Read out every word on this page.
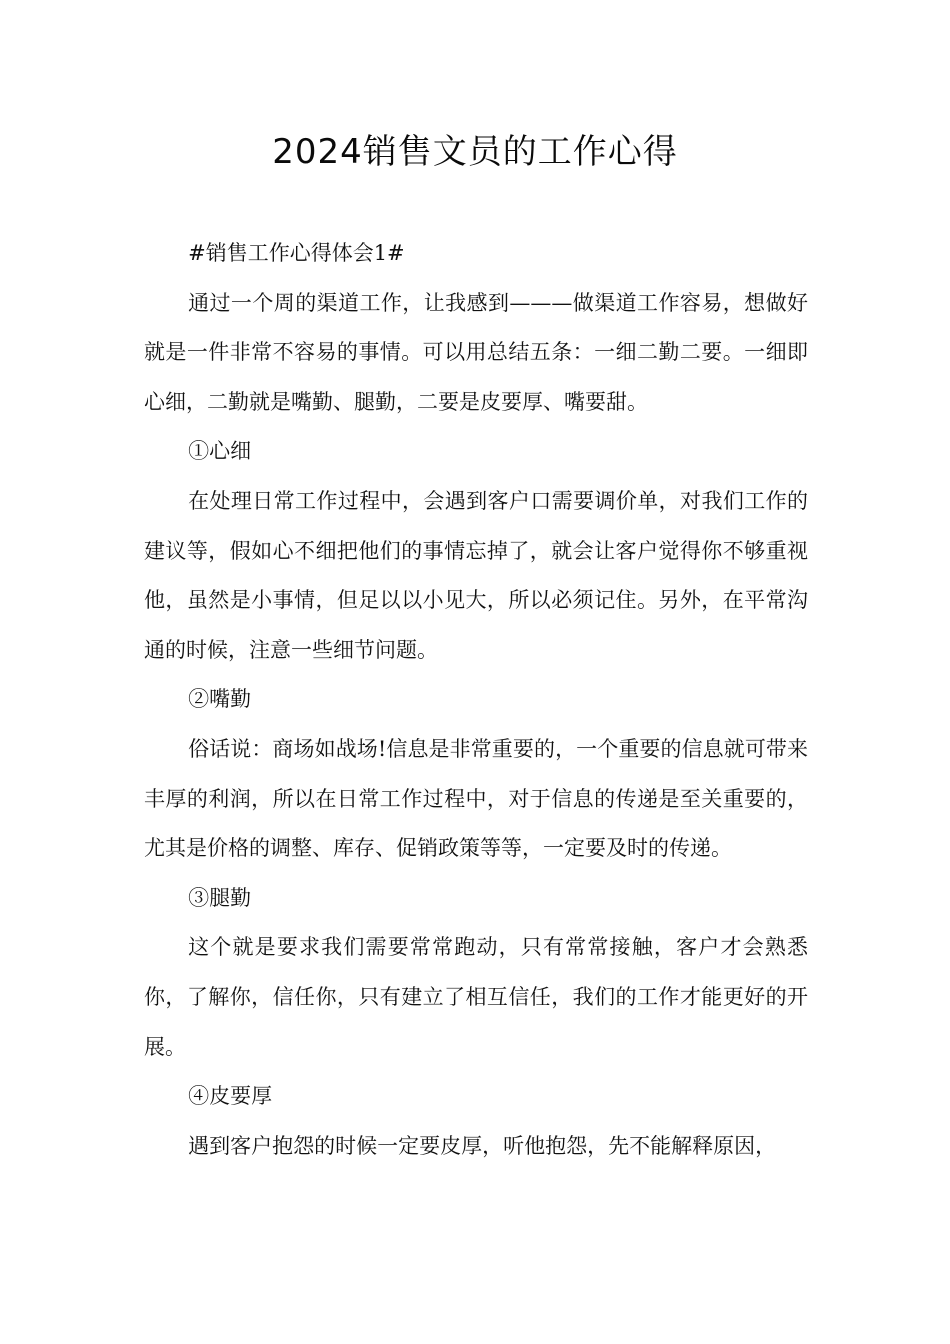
2024销售文员的工作心得

#销售工作心得体会1#

通过一个周的渠道工作，让我感到———做渠道工作容易，想做好就是一件非常不容易的事情。可以用总结五条：一细二勤二要。一细即心细，二勤就是嘴勤、腿勤，二要是皮要厚、嘴要甜。

①心细

在处理日常工作过程中，会遇到客户口需要调价单，对我们工作的建议等，假如心不细把他们的事情忘掉了，就会让客户觉得你不够重视他，虽然是小事情，但足以以小见大，所以必须记住。另外，在平常沟通的时候，注意一些细节问题。

②嘴勤

俗话说：商场如战场!信息是非常重要的，一个重要的信息就可带来丰厚的利润，所以在日常工作过程中，对于信息的传递是至关重要的，尤其是价格的调整、库存、促销政策等等，一定要及时的传递。

③腿勤

这个就是要求我们需要常常跑动，只有常常接触，客户才会熟悉你，了解你，信任你，只有建立了相互信任，我们的工作才能更好的开展。

④皮要厚

遇到客户抱怨的时候一定要皮厚，听他抱怨，先不能解释原因，
